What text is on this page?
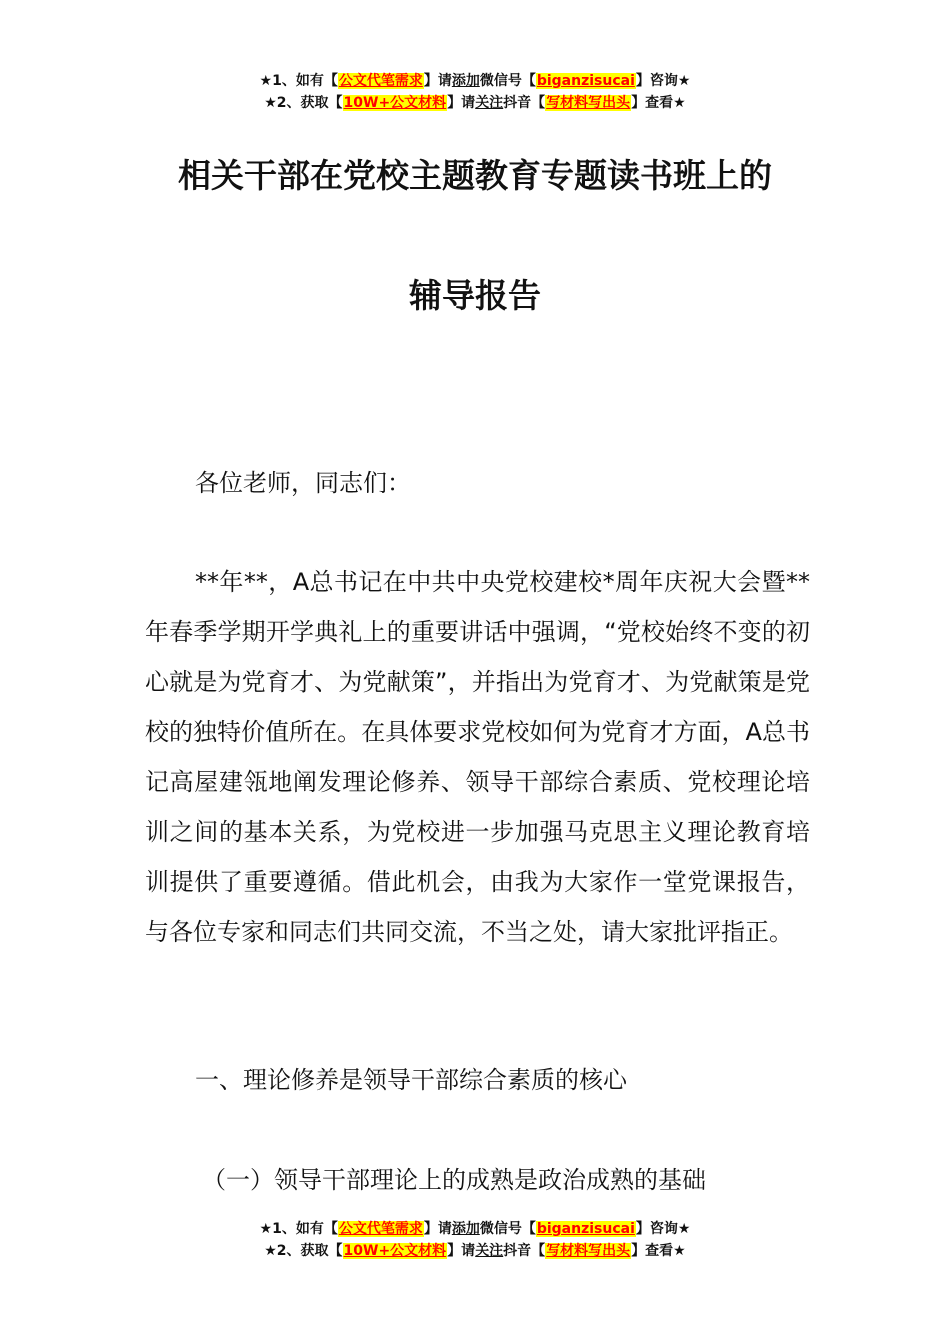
★1、如有【公文代笔需求】请添加微信号【biganzisucai】咨询★
★2、获取【10W+公文材料】请关注抖音【写材料写出头】查看★
相关干部在党校主题教育专题读书班上的
辅导报告

各位老师，同志们：

**年**，A总书记在中共中央党校建校*周年庆祝大会暨**年春季学期开学典礼上的重要讲话中强调，“党校始终不变的初心就是为党育才、为党献策”，并指出为党育才、为党献策是党校的独特价值所在。在具体要求党校如何为党育才方面，A总书记高屋建瓴地阐发理论修养、领导干部综合素质、党校理论培训之间的基本关系，为党校进一步加强马克思主义理论教育培训提供了重要遵循。借此机会，由我为大家作一堂党课报告，与各位专家和同志们共同交流，不当之处，请大家批评指正。

一、理论修养是领导干部综合素质的核心

（一）领导干部理论上的成熟是政治成熟的基础

★1、如有【公文代笔需求】请添加微信号【biganzisucai】咨询★
★2、获取【10W+公文材料】请关注抖音【写材料写出头】查看★
